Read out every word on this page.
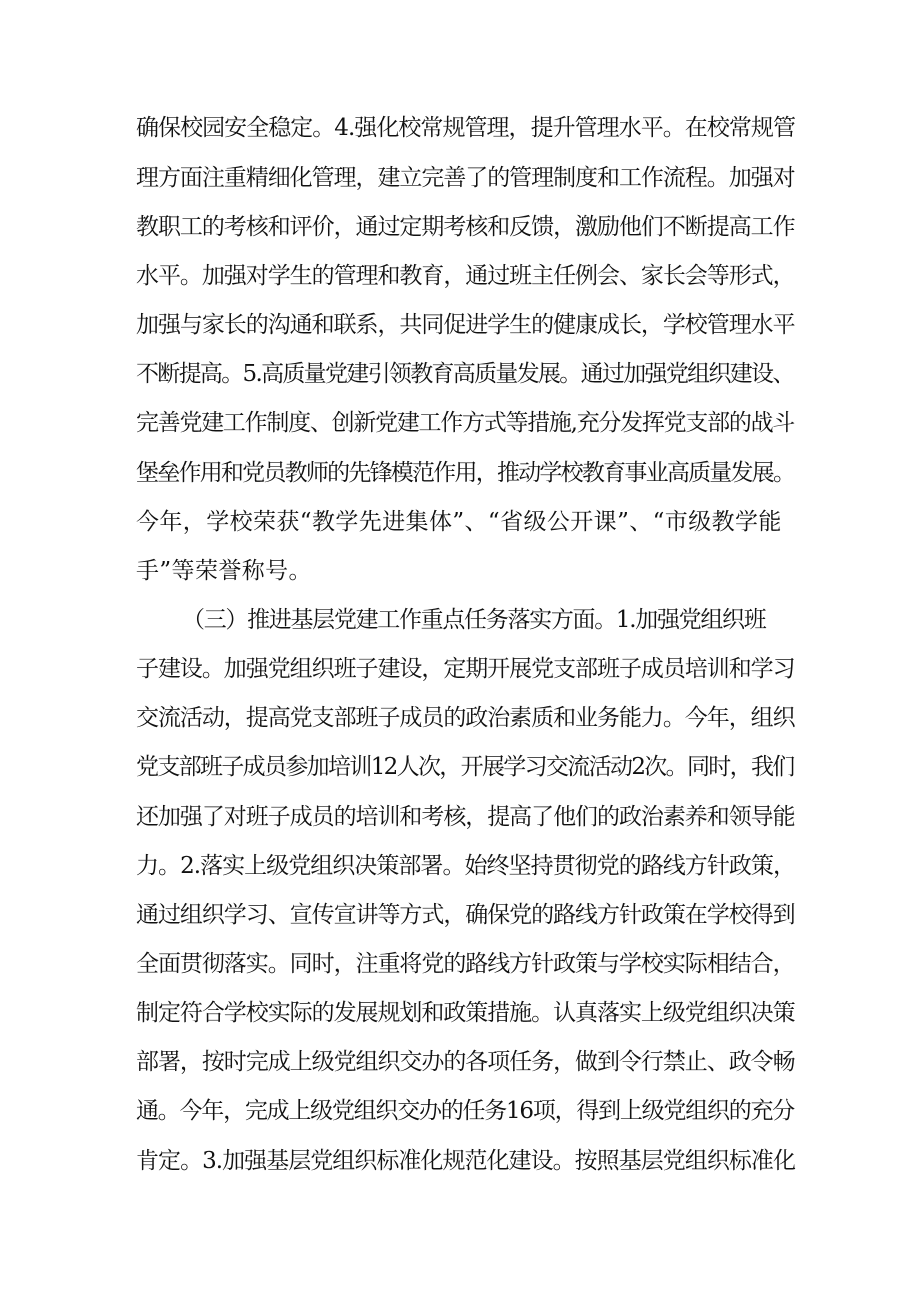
确保校园安全稳定。4.强化校常规管理，提升管理水平。在校常规管
理方面注重精细化管理，建立完善了的管理制度和工作流程。加强对
教职工的考核和评价，通过定期考核和反馈，激励他们不断提高工作
水平。加强对学生的管理和教育，通过班主任例会、家长会等形式，
加强与家长的沟通和联系，共同促进学生的健康成长，学校管理水平
不断提高。5.高质量党建引领教育高质量发展。通过加强党组织建设、
完善党建工作制度、创新党建工作方式等措施,充分发挥党支部的战斗
堡垒作用和党员教师的先锋模范作用，推动学校教育事业高质量发展。
今年，学校荣获“教学先进集体”、“省级公开课”、“市级教学能
手”等荣誉称号。
（三）推进基层党建工作重点任务落实方面。1.加强党组织班
子建设。加强党组织班子建设，定期开展党支部班子成员培训和学习
交流活动，提高党支部班子成员的政治素质和业务能力。今年，组织
党支部班子成员参加培训12人次，开展学习交流活动2次。同时，我们
还加强了对班子成员的培训和考核，提高了他们的政治素养和领导能
力。2.落实上级党组织决策部署。始终坚持贯彻党的路线方针政策，
通过组织学习、宣传宣讲等方式，确保党的路线方针政策在学校得到
全面贯彻落实。同时，注重将党的路线方针政策与学校实际相结合，
制定符合学校实际的发展规划和政策措施。认真落实上级党组织决策
部署，按时完成上级党组织交办的各项任务，做到令行禁止、政令畅
通。今年，完成上级党组织交办的任务16项，得到上级党组织的充分
肯定。3.加强基层党组织标准化规范化建设。按照基层党组织标准化
